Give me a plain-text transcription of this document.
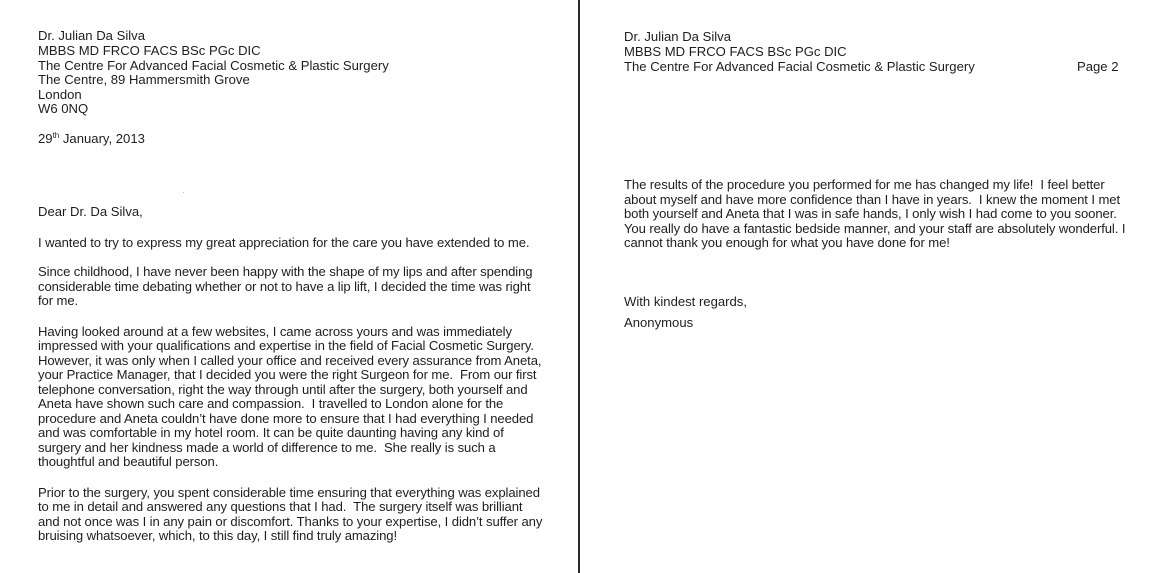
Dr. Julian Da Silva
MBBS MD FRCO FACS BSc PGc DIC
The Centre For Advanced Facial Cosmetic & Plastic Surgery
The Centre, 89 Hammersmith Grove
London
W6 0NQ
29th January, 2013
Dear Dr. Da Silva,
I wanted to try to express my great appreciation for the care you have extended to me.
Since childhood, I have never been happy with the shape of my lips and after spending
considerable time debating whether or not to have a lip lift, I decided the time was right
for me.
Having looked around at a few websites, I came across yours and was immediately
impressed with your qualifications and expertise in the field of Facial Cosmetic Surgery.
However, it was only when I called your office and received every assurance from Aneta,
your Practice Manager, that I decided you were the right Surgeon for me.  From our first
telephone conversation, right the way through until after the surgery, both yourself and
Aneta have shown such care and compassion.  I travelled to London alone for the
procedure and Aneta couldn’t have done more to ensure that I had everything I needed
and was comfortable in my hotel room. It can be quite daunting having any kind of
surgery and her kindness made a world of difference to me.  She really is such a
thoughtful and beautiful person.
Prior to the surgery, you spent considerable time ensuring that everything was explained
to me in detail and answered any questions that I had.  The surgery itself was brilliant
and not once was I in any pain or discomfort. Thanks to your expertise, I didn’t suffer any
bruising whatsoever, which, to this day, I still find truly amazing!
Dr. Julian Da Silva
MBBS MD FRCO FACS BSc PGc DIC
The Centre For Advanced Facial Cosmetic & Plastic Surgery	Page 2
The results of the procedure you performed for me has changed my life!  I feel better
about myself and have more confidence than I have in years.  I knew the moment I met
both yourself and Aneta that I was in safe hands, I only wish I had come to you sooner.
You really do have a fantastic bedside manner, and your staff are absolutely wonderful. I
cannot thank you enough for what you have done for me!
With kindest regards,
Anonymous
